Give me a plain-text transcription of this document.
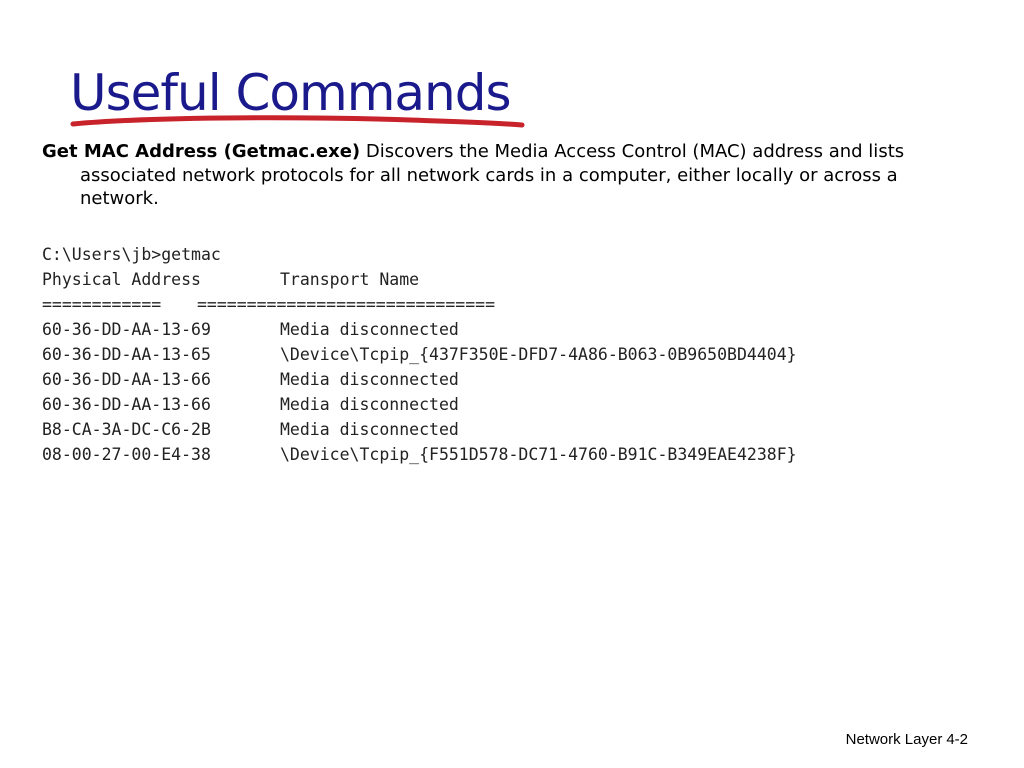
Useful Commands

Get MAC Address (Getmac.exe) Discovers the Media Access Control (MAC) address and lists associated network protocols for all network cards in a computer, either locally or across a network.

C:\Users\jb>getmac
Physical Address	Transport Name
============ ==============================
60-36-DD-AA-13-69	Media disconnected
60-36-DD-AA-13-65	\Device\Tcpip_{437F350E-DFD7-4A86-B063-0B9650BD4404}
60-36-DD-AA-13-66	Media disconnected
60-36-DD-AA-13-66	Media disconnected
B8-CA-3A-DC-C6-2B	Media disconnected
08-00-27-00-E4-38	\Device\Tcpip_{F551D578-DC71-4760-B91C-B349EAE4238F}
Network Layer 4-2
